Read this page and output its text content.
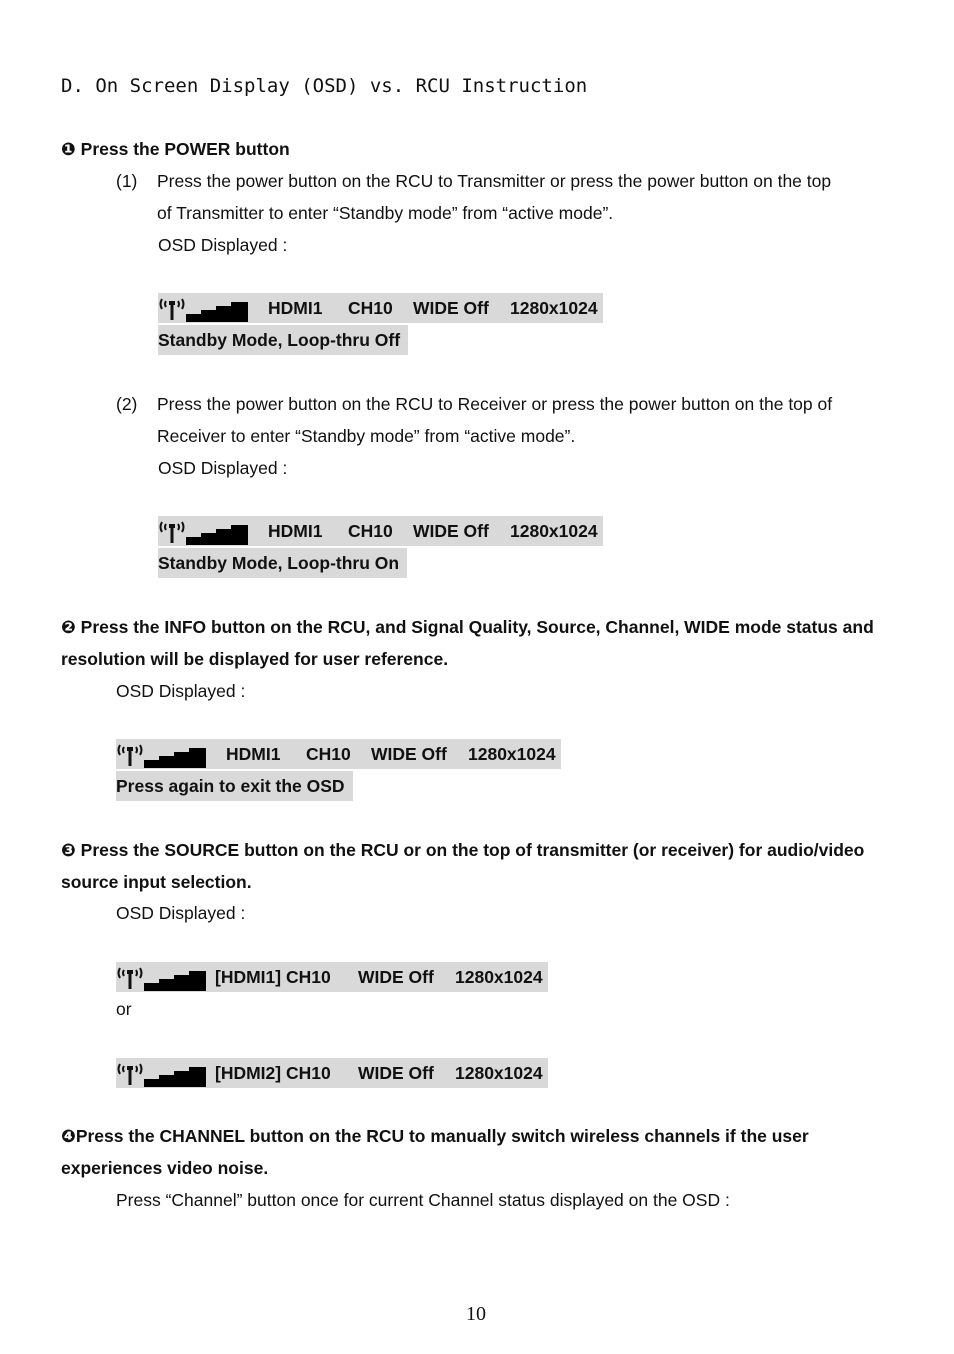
D. On Screen Display (OSD) vs. RCU Instruction
❶ Press the POWER button
(1) Press the power button on the RCU to Transmitter or press the power button on the top
of Transmitter to enter “Standby mode” from “active mode”.
OSD Displayed :
HDMI1 CH10 WIDE Off 1280x1024
Standby Mode, Loop-thru Off
(2) Press the power button on the RCU to Receiver or press the power button on the top of
Receiver to enter “Standby mode” from “active mode”.
OSD Displayed :
HDMI1 CH10 WIDE Off 1280x1024
Standby Mode, Loop-thru On
❷ Press the INFO button on the RCU, and Signal Quality, Source, Channel, WIDE mode status and
resolution will be displayed for user reference.
OSD Displayed :
HDMI1 CH10 WIDE Off 1280x1024
Press again to exit the OSD
❸ Press the SOURCE button on the RCU or on the top of transmitter (or receiver) for audio/video
source input selection.
OSD Displayed :
[HDMI1] CH10 WIDE Off 1280x1024
or
[HDMI2] CH10 WIDE Off 1280x1024
❹Press the CHANNEL button on the RCU to manually switch wireless channels if the user
experiences video noise.
Press “Channel” button once for current Channel status displayed on the OSD :
10
